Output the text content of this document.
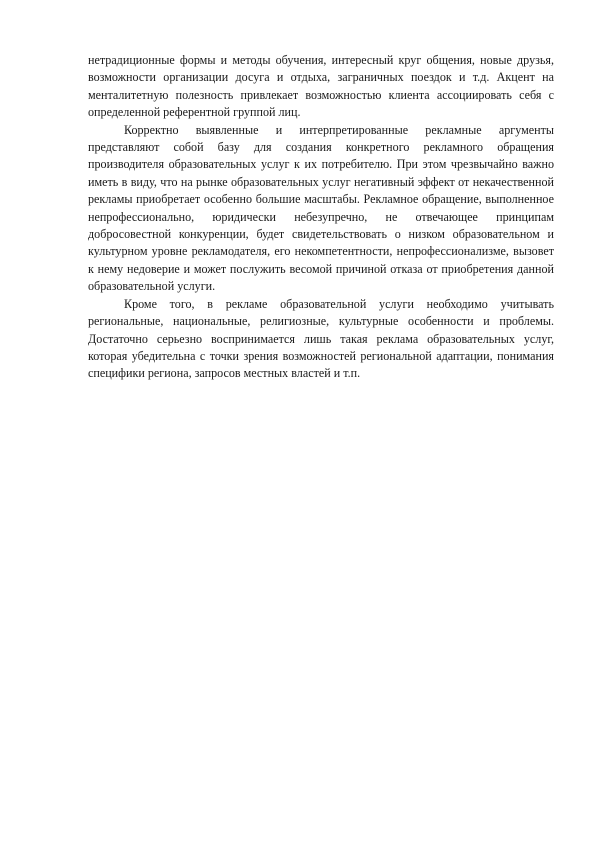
нетрадиционные формы и методы обучения, интересный круг общения, новые друзья, возможности организации досуга и отдыха, заграничных поездок и т.д. Акцент на менталитетную полезность привлекает возможностью клиента ассоциировать себя с определенной референтной группой лиц.

Корректно выявленные и интерпретированные рекламные аргументы представляют собой базу для создания конкретного рекламного обращения производителя образовательных услуг к их потребителю. При этом чрезвычайно важно иметь в виду, что на рынке образовательных услуг негативный эффект от некачественной рекламы приобретает особенно большие масштабы. Рекламное обращение, выполненное непрофессионально, юридически небезупречно, не отвечающее принципам добросовестной конкуренции, будет свидетельствовать о низком образовательном и культурном уровне рекламодателя, его некомпетентности, непрофессионализме, вызовет к нему недоверие и может послужить весомой причиной отказа от приобретения данной образовательной услуги.

Кроме того, в рекламе образовательной услуги необходимо учитывать региональные, национальные, религиозные, культурные особенности и проблемы. Достаточно серьезно воспринимается лишь такая реклама образовательных услуг, которая убедительна с точки зрения возможностей региональной адаптации, понимания специфики региона, запросов местных властей и т.п.
